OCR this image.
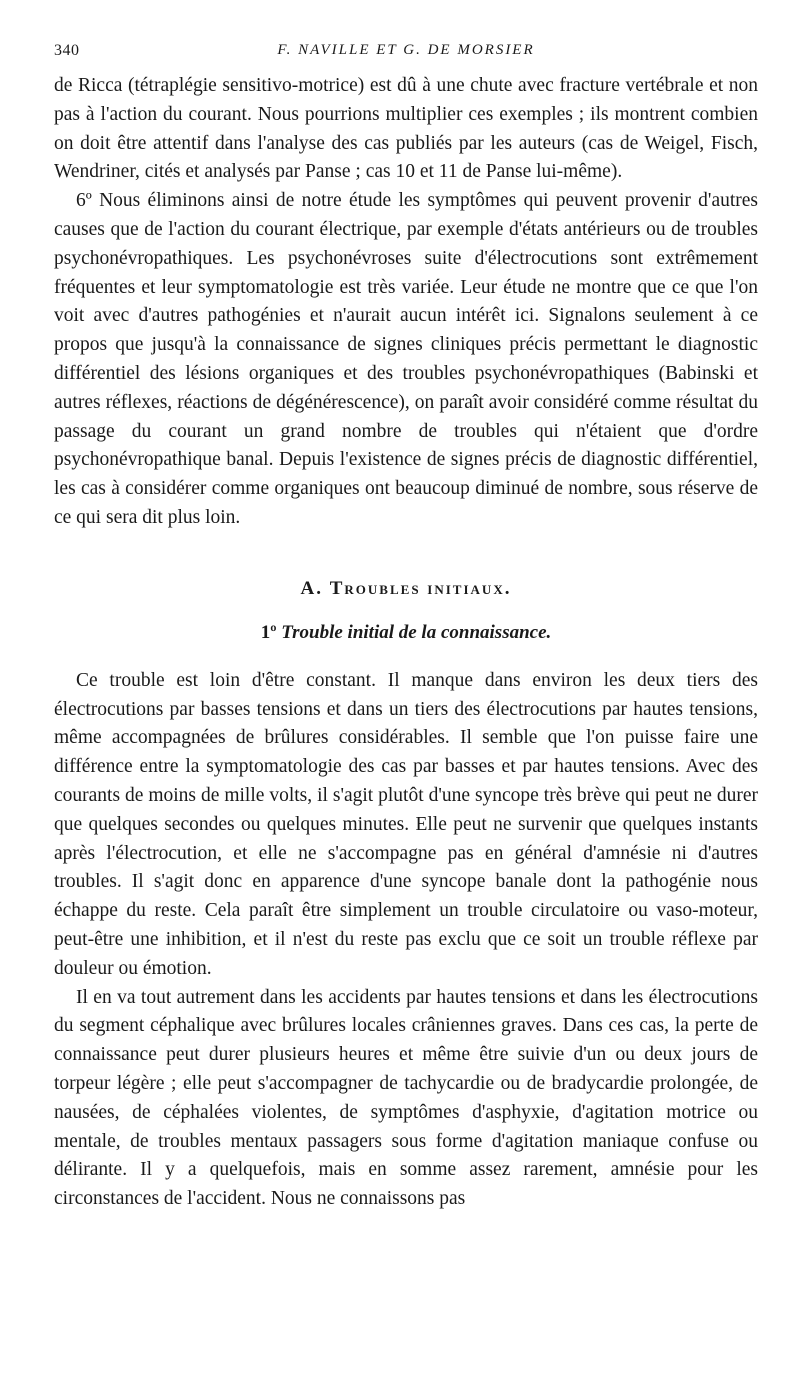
340	F. NAVILLE ET G. DE MORSIER

de Ricca (tétraplégie sensitivo-motrice) est dû à une chute avec fracture vertébrale et non pas à l'action du courant. Nous pourrions multiplier ces exemples ; ils montrent combien on doit être attentif dans l'analyse des cas publiés par les auteurs (cas de Weigel, Fisch, Wendriner, cités et analysés par Panse ; cas 10 et 11 de Panse lui-même).

6º Nous éliminons ainsi de notre étude les symptômes qui peuvent provenir d'autres causes que de l'action du courant électrique, par exemple d'états antérieurs ou de troubles psychonévropathiques. Les psychonévroses suite d'électrocutions sont extrêmement fréquentes et leur symptomatologie est très variée. Leur étude ne montre que ce que l'on voit avec d'autres pathogénies et n'aurait aucun intérêt ici. Signalons seulement à ce propos que jusqu'à la connaissance de signes cliniques précis permettant le diagnostic différentiel des lésions organiques et des troubles psychonévropathiques (Babinski et autres réflexes, réactions de dégénérescence), on paraît avoir considéré comme résultat du passage du courant un grand nombre de troubles qui n'étaient que d'ordre psychonévropathique banal. Depuis l'existence de signes précis de diagnostic différentiel, les cas à considérer comme organiques ont beaucoup diminué de nombre, sous réserve de ce qui sera dit plus loin.

A. Troubles initiaux.
1º Trouble initial de la connaissance.

Ce trouble est loin d'être constant. Il manque dans environ les deux tiers des électrocutions par basses tensions et dans un tiers des électrocutions par hautes tensions, même accompagnées de brûlures considérables. Il semble que l'on puisse faire une différence entre la symptomatologie des cas par basses et par hautes tensions. Avec des courants de moins de mille volts, il s'agit plutôt d'une syncope très brève qui peut ne durer que quelques secondes ou quelques minutes. Elle peut ne survenir que quelques instants après l'électrocution, et elle ne s'accompagne pas en général d'amnésie ni d'autres troubles. Il s'agit donc en apparence d'une syncope banale dont la pathogénie nous échappe du reste. Cela paraît être simplement un trouble circulatoire ou vaso-moteur, peut-être une inhibition, et il n'est du reste pas exclu que ce soit un trouble réflexe par douleur ou émotion.

Il en va tout autrement dans les accidents par hautes tensions et dans les électrocutions du segment céphalique avec brûlures locales crâniennes graves. Dans ces cas, la perte de connaissance peut durer plusieurs heures et même être suivie d'un ou deux jours de torpeur légère ; elle peut s'accompagner de tachycardie ou de bradycardie prolongée, de nausées, de céphalées violentes, de symptômes d'asphyxie, d'agitation motrice ou mentale, de troubles mentaux passagers sous forme d'agitation maniaque confuse ou délirante. Il y a quelquefois, mais en somme assez rarement, amnésie pour les circonstances de l'accident. Nous ne connaissons pas
